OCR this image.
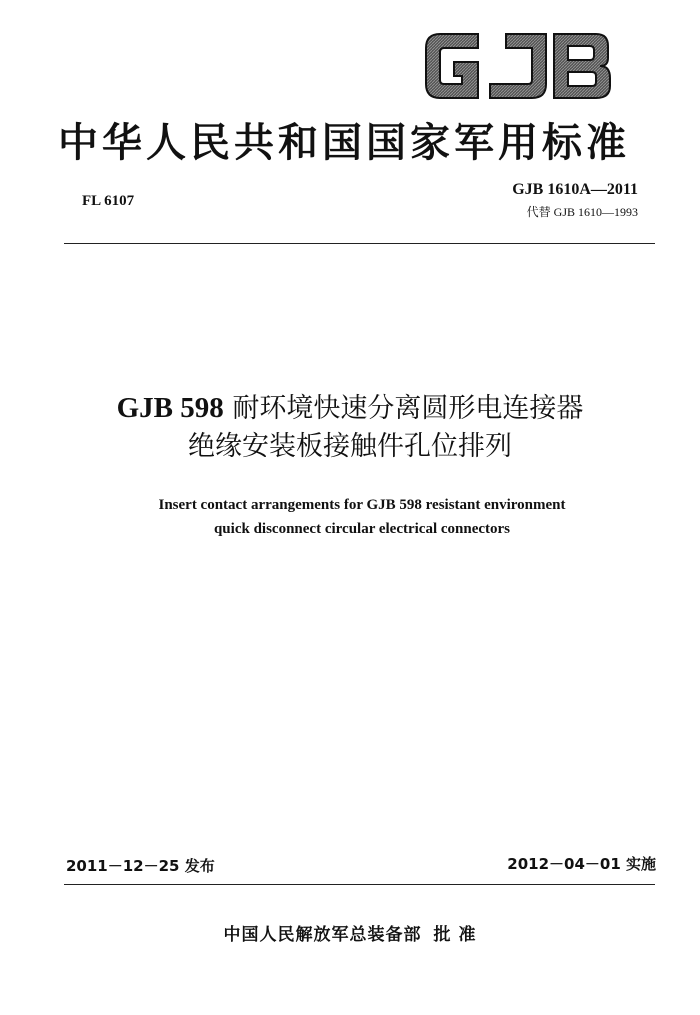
中华人民共和国国家军用标准
FL 6107
GJB 1610A—2011
代替 GJB 1610—1993
GJB 598 耐环境快速分离圆形电连接器
绝缘安装板接触件孔位排列
Insert contact arrangements for GJB 598 resistant environment
quick disconnect circular electrical connectors
2011－12－25 发布	2012－04－01 实施
中国人民解放军总装备部 批 准
